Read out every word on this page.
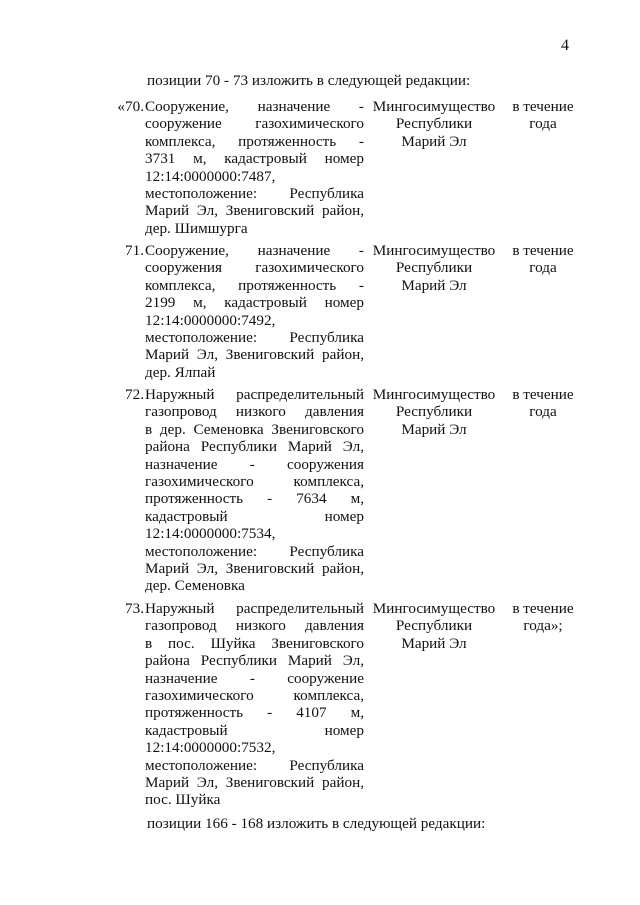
4
позиции 70 - 73 изложить в следующей редакции:
«70. Сооружение, назначение -
сооружение газохимического
комплекса, протяженность -
3731 м, кадастровый номер
12:14:0000000:7487,
местоположение: Республика
Марий Эл, Звениговский район,
дер. Шимшурга
Мингосимущество
Республики
Марий Эл
в течение
года
71. Сооружение, назначение -
сооружения газохимического
комплекса, протяженность -
2199 м, кадастровый номер
12:14:0000000:7492,
местоположение: Республика
Марий Эл, Звениговский район,
дер. Ялпай
Мингосимущество
Республики
Марий Эл
в течение
года
72. Наружный распределительный
газопровод низкого давления
в дер. Семеновка Звениговского
района Республики Марий Эл,
назначение - сооружения
газохимического комплекса,
протяженность - 7634 м,
кадастровый номер
12:14:0000000:7534,
местоположение: Республика
Марий Эл, Звениговский район,
дер. Семеновка
Мингосимущество
Республики
Марий Эл
в течение
года
73. Наружный распределительный
газопровод низкого давления
в пос. Шуйка Звениговского
района Республики Марий Эл,
назначение - сооружение
газохимического комплекса,
протяженность - 4107 м,
кадастровый номер
12:14:0000000:7532,
местоположение: Республика
Марий Эл, Звениговский район,
пос. Шуйка
Мингосимущество
Республики
Марий Эл
в течение
года»;
позиции 166 - 168 изложить в следующей редакции:
